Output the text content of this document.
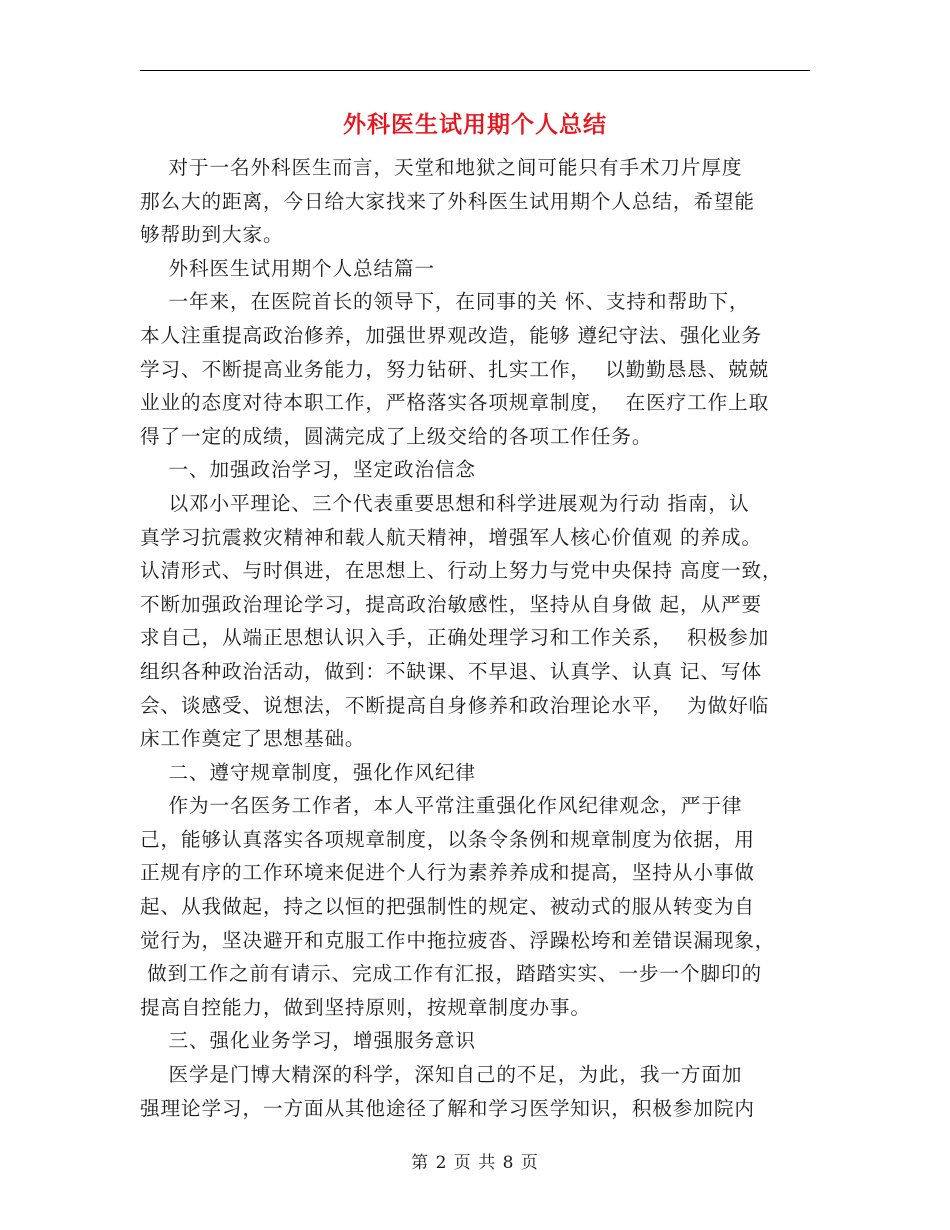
外科医生试用期个人总结
对于一名外科医生而言，天堂和地狱之间可能只有手术刀片厚度
那么大的距离，今日给大家找来了外科医生试用期个人总结，希望能
够帮助到大家。
外科医生试用期个人总结篇一
一年来，在医院首长的领导下，在同事的关 怀、支持和帮助下，
本人注重提高政治修养，加强世界观改造，能够 遵纪守法、强化业务
学习、不断提高业务能力，努力钻研、扎实工作，  以勤勤恳恳、兢兢
业业的态度对待本职工作，严格落实各项规章制度，  在医疗工作上取
得了一定的成绩，圆满完成了上级交给的各项工作任务。
一、加强政治学习，坚定政治信念
以邓小平理论、三个代表重要思想和科学进展观为行动 指南，认
真学习抗震救灾精神和载人航天精神，增强军人核心价值观 的养成。
认清形式、与时俱进，在思想上、行动上努力与党中央保持 高度一致，
不断加强政治理论学习，提高政治敏感性，坚持从自身做 起，从严要
求自己，从端正思想认识入手，正确处理学习和工作关系，  积极参加
组织各种政治活动，做到：不缺课、不早退、认真学、认真 记、写体
会、谈感受、说想法，不断提高自身修养和政治理论水平，  为做好临
床工作奠定了思想基础。
二、遵守规章制度，强化作风纪律
作为一名医务工作者，本人平常注重强化作风纪律观念，严于律
己，能够认真落实各项规章制度，以条令条例和规章制度为依据，用
正规有序的工作环境来促进个人行为素养养成和提高，坚持从小事做
起、从我做起，持之以恒的把强制性的规定、被动式的服从转变为自
觉行为，坚决避开和克服工作中拖拉疲沓、浮躁松垮和差错误漏现象，
做到工作之前有请示、完成工作有汇报，踏踏实实、一步一个脚印的
提高自控能力，做到坚持原则，按规章制度办事。
三、强化业务学习，增强服务意识
医学是门博大精深的科学，深知自己的不足，为此，我一方面加
强理论学习，一方面从其他途径了解和学习医学知识，积极参加院内
第 2 页 共 8 页
